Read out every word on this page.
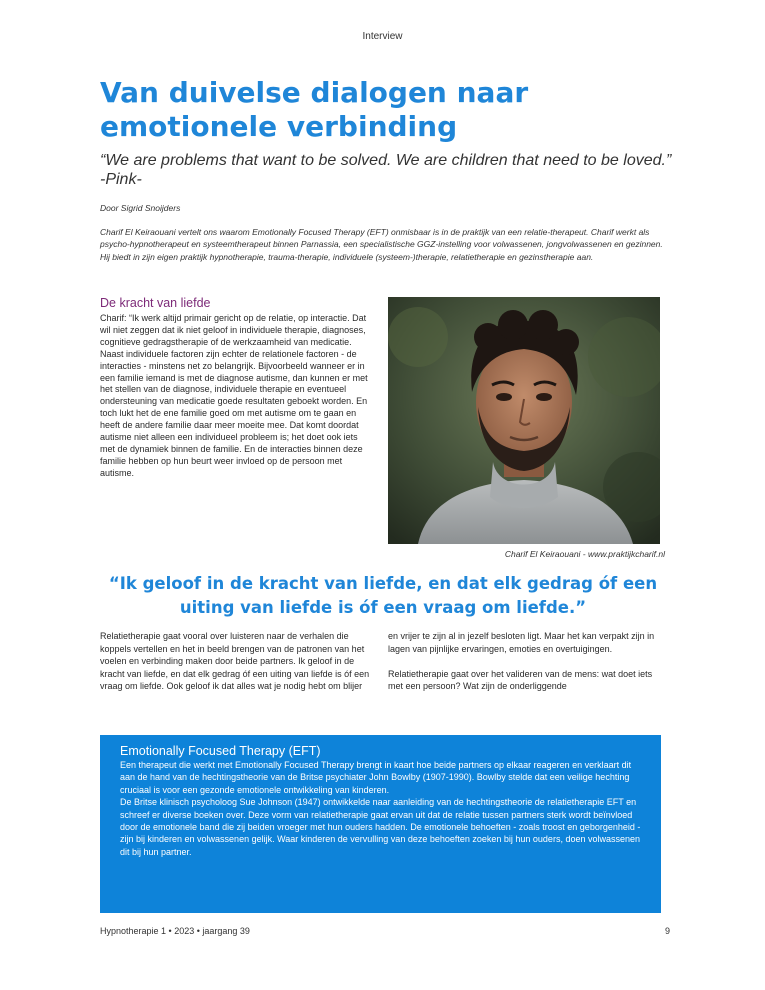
Interview
Van duivelse dialogen naar emotionele verbinding
“We are problems that want to be solved. We are children that need to be loved.” -Pink-
Door Sigrid Snoijders
Charif El Keiraouani vertelt ons waarom Emotionally Focused Therapy (EFT) onmisbaar is in de praktijk van een relatie-therapeut. Charif werkt als psycho-hypnotherapeut en systeemtherapeut binnen Parnassia, een specialistische GGZ-instelling voor volwassenen, jongvolwassenen en gezinnen. Hij biedt in zijn eigen praktijk hypnotherapie, trauma-therapie, individuele (systeem-)therapie, relatietherapie en gezinstherapie aan.
De kracht van liefde

Charif: “Ik werk altijd primair gericht op de relatie, op interactie. Dat wil niet zeggen dat ik niet geloof in individuele therapie, diagnoses, cognitieve gedragstherapie of de werkzaamheid van medicatie. Naast individuele factoren zijn echter de relationele factoren - de interacties - minstens net zo belangrijk. Bijvoorbeeld wanneer er in een familie iemand is met de diagnose autisme, dan kunnen er met het stellen van de diagnose, individuele therapie en eventueel ondersteuning van medicatie goede resultaten geboekt worden. En toch lukt het de ene familie goed om met autisme om te gaan en heeft de andere familie daar meer moeite mee. Dat komt doordat autisme niet alleen een individueel probleem is; het doet ook iets met de dynamiek binnen de familie. En de interacties binnen deze familie hebben op hun beurt weer invloed op de persoon met autisme.

Charif El Keiraouani - www.praktijkcharif.nl
“Ik geloof in de kracht van liefde, en dat elk gedrag óf een uiting van liefde is óf een vraag om liefde.”

Relatietherapie gaat vooral over luisteren naar de verhalen die koppels vertellen en het in beeld brengen van de patronen van het voelen en verbinding maken door beide partners. Ik geloof in de kracht van liefde, en dat elk gedrag óf een uiting van liefde is óf een vraag om liefde. Ook geloof ik dat alles wat je nodig hebt om blijer

en vrijer te zijn al in jezelf besloten ligt. Maar het kan verpakt zijn in lagen van pijnlijke ervaringen, emoties en overtuigingen.

Relatietherapie gaat over het valideren van de mens: wat doet iets met een persoon? Wat zijn de onderliggende

Emotionally Focused Therapy (EFT)

Een therapeut die werkt met Emotionally Focused Therapy brengt in kaart hoe beide partners op elkaar reageren en verklaart dit aan de hand van de hechtingstheorie van de Britse psychiater John Bowlby (1907-1990). Bowlby stelde dat een veilige hechting cruciaal is voor een gezonde emotionele ontwikkeling van kinderen.

De Britse klinisch psycholoog Sue Johnson (1947) ontwikkelde naar aanleiding van de hechtingstheorie de relatietherapie EFT en schreef er diverse boeken over. Deze vorm van relatietherapie gaat ervan uit dat de relatie tussen partners sterk wordt beïnvloed door de emotionele band die zij beiden vroeger met hun ouders hadden. De emotionele behoeften - zoals troost en geborgenheid - zijn bij kinderen en volwassenen gelijk. Waar kinderen de vervulling van deze behoeften zoeken bij hun ouders, doen volwassenen dit bij hun partner.

Hypnotherapie 1 • 2023 • jaargang 39	9
